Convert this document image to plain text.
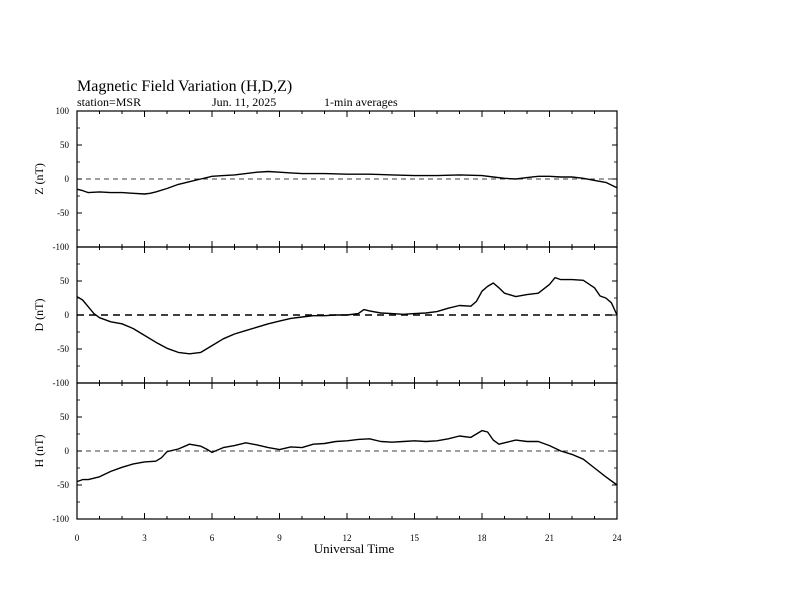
Magnetic Field Variation (H,D,Z)
station=MSR	Jun. 11, 2025	1-min averages
100
50
0
-50
-100
Z (nT)
50
0
-50
-100
D (nT)
50
0
-50
-100
H (nT)
0	3	6	9	12	15	18	21	24
Universal Time
